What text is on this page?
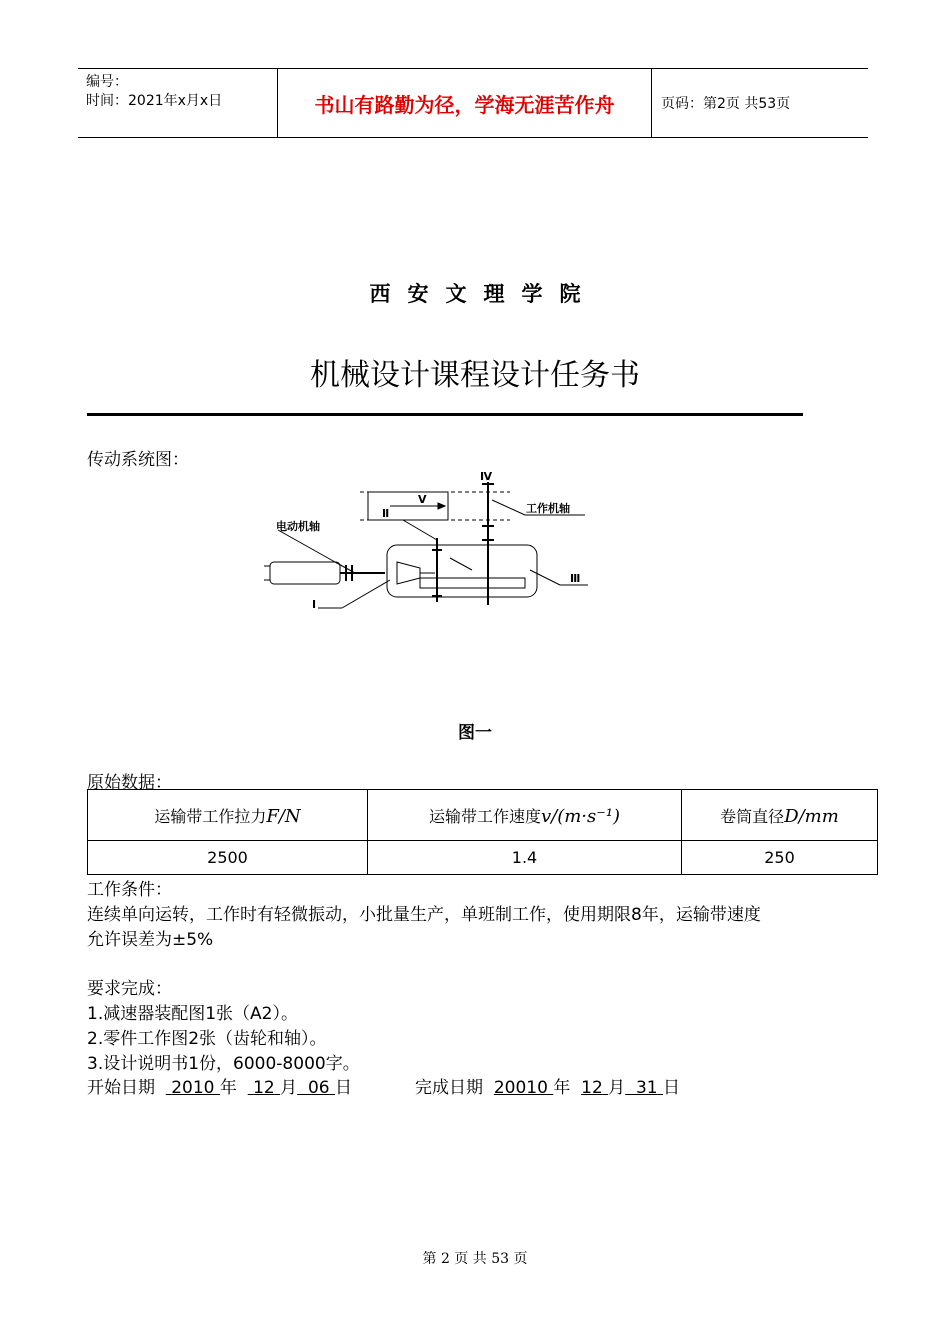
编号：
时间：2021年x月x日	书山有路勤为径，学海无涯苦作舟	页码：第2页 共53页
西安文理学院
机械设计课程设计任务书
传动系统图：
V
工作机轴
电动机轴
Ⅰ
Ⅱ
Ⅲ
Ⅳ
图一
原始数据：
运输带工作拉力F/N	运输带工作速度v/(m·s⁻¹)	卷筒直径D/mm
2500	1.4	250
工作条件：
连续单向运转，工作时有轻微振动，小批量生产，单班制工作，使用期限8年，运输带速度
允许误差为±5%
要求完成：
1.减速器装配图1张（A2）。
2.零件工作图2张（齿轮和轴）。
3.设计说明书1份，6000-8000字。
开始日期 2010 年 12 月 06 日	完成日期 20010 年 12 月 31 日
第 2 页 共 53 页
